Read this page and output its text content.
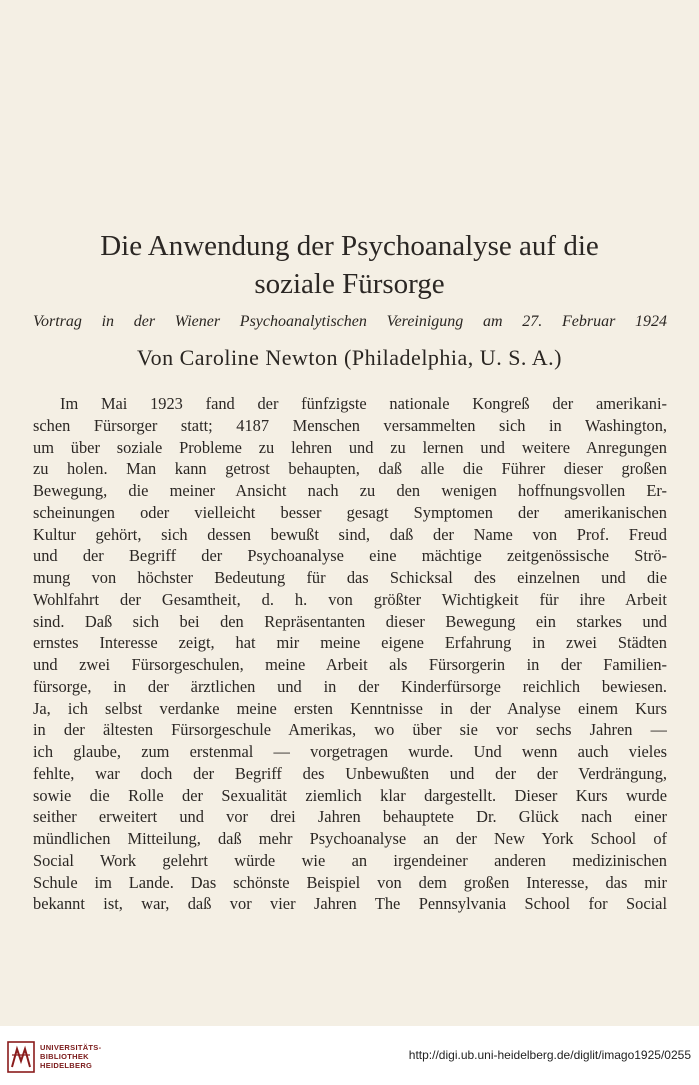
Die Anwendung der Psychoanalyse auf die
soziale Fürsorge
Vortrag in der Wiener Psychoanalytischen Vereinigung am 27. Februar 1924
Von Caroline Newton (Philadelphia, U. S. A.)
Im Mai 1923 fand der fünfzigste nationale Kongreß der amerikani-
schen Fürsorger statt; 4187 Menschen versammelten sich in Washington,
um über soziale Probleme zu lehren und zu lernen und weitere Anregungen
zu holen. Man kann getrost behaupten, daß alle die Führer dieser großen
Bewegung, die meiner Ansicht nach zu den wenigen hoffnungsvollen Er-
scheinungen oder vielleicht besser gesagt Symptomen der amerikanischen
Kultur gehört, sich dessen bewußt sind, daß der Name von Prof. Freud
und der Begriff der Psychoanalyse eine mächtige zeitgenössische Strö-
mung von höchster Bedeutung für das Schicksal des einzelnen und die
Wohlfahrt der Gesamtheit, d. h. von größter Wichtigkeit für ihre Arbeit
sind. Daß sich bei den Repräsentanten dieser Bewegung ein starkes und
ernstes Interesse zeigt, hat mir meine eigene Erfahrung in zwei Städten
und zwei Fürsorgeschulen, meine Arbeit als Fürsorgerin in der Familien-
fürsorge, in der ärztlichen und in der Kinderfürsorge reichlich bewiesen.
Ja, ich selbst verdanke meine ersten Kenntnisse in der Analyse einem Kurs
in der ältesten Fürsorgeschule Amerikas, wo über sie vor sechs Jahren —
ich glaube, zum erstenmal — vorgetragen wurde. Und wenn auch vieles
fehlte, war doch der Begriff des Unbewußten und der der Verdrängung,
sowie die Rolle der Sexualität ziemlich klar dargestellt. Dieser Kurs wurde
seither erweitert und vor drei Jahren behauptete Dr. Glück nach einer
mündlichen Mitteilung, daß mehr Psychoanalyse an der New York School of
Social Work gelehrt würde wie an irgendeiner anderen medizinischen
Schule im Lande. Das schönste Beispiel von dem großen Interesse, das mir
bekannt ist, war, daß vor vier Jahren The Pennsylvania School for Social
UNIVERSITÄTS-
BIBLIOTHEK
HEIDELBERG
http://digi.ub.uni-heidelberg.de/diglit/imago1925/0255
